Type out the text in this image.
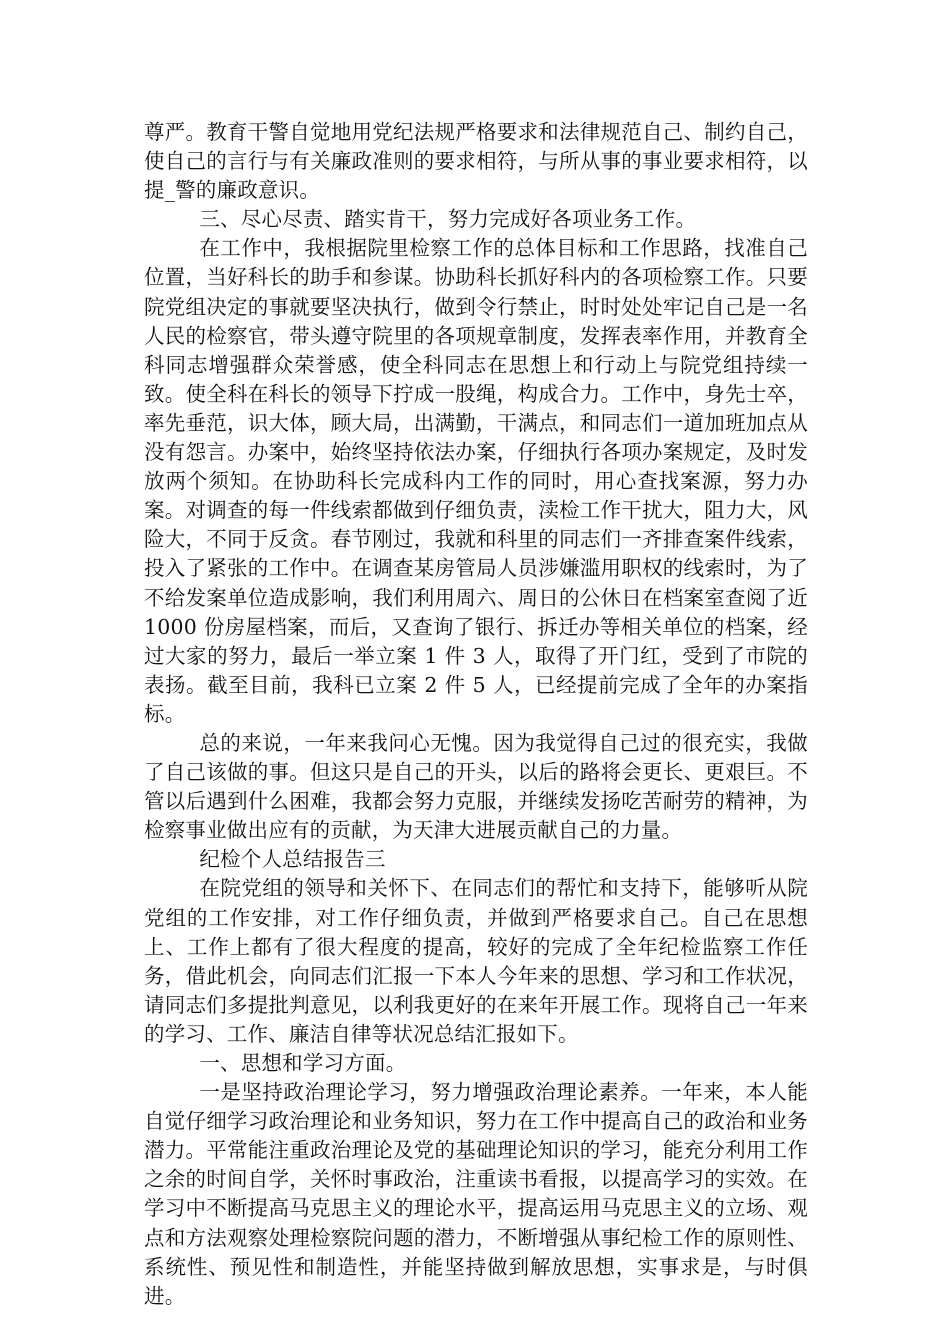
尊严。教育干警自觉地用党纪法规严格要求和法律规范自己、制约自己，使自己的言行与有关廉政准则的要求相符，与所从事的事业要求相符，以提_警的廉政意识。

三、尽心尽责、踏实肯干，努力完成好各项业务工作。

在工作中，我根据院里检察工作的总体目标和工作思路，找准自己位置，当好科长的助手和参谋。协助科长抓好科内的各项检察工作。只要院党组决定的事就要坚决执行，做到令行禁止，时时处处牢记自己是一名人民的检察官，带头遵守院里的各项规章制度，发挥表率作用，并教育全科同志增强群众荣誉感，使全科同志在思想上和行动上与院党组持续一致。使全科在科长的领导下拧成一股绳，构成合力。工作中，身先士卒，率先垂范，识大体，顾大局，出满勤，干满点，和同志们一道加班加点从没有怨言。办案中，始终坚持依法办案，仔细执行各项办案规定，及时发放两个须知。在协助科长完成科内工作的同时，用心查找案源，努力办案。对调查的每一件线索都做到仔细负责，渎检工作干扰大，阻力大，风险大，不同于反贪。春节刚过，我就和科里的同志们一齐排查案件线索，投入了紧张的工作中。在调查某房管局人员涉嫌滥用职权的线索时，为了不给发案单位造成影响，我们利用周六、周日的公休日在档案室查阅了近 1000 份房屋档案，而后，又查询了银行、拆迁办等相关单位的档案，经过大家的努力，最后一举立案 1 件 3 人，取得了开门红，受到了市院的表扬。截至目前，我科已立案 2 件 5 人，已经提前完成了全年的办案指标。

总的来说，一年来我问心无愧。因为我觉得自己过的很充实，我做了自己该做的事。但这只是自己的开头，以后的路将会更长、更艰巨。不管以后遇到什么困难，我都会努力克服，并继续发扬吃苦耐劳的精神，为检察事业做出应有的贡献，为天津大进展贡献自己的力量。

纪检个人总结报告三

在院党组的领导和关怀下、在同志们的帮忙和支持下，能够听从院党组的工作安排，对工作仔细负责，并做到严格要求自己。自己在思想上、工作上都有了很大程度的提高，较好的完成了全年纪检监察工作任务，借此机会，向同志们汇报一下本人今年来的思想、学习和工作状况，请同志们多提批判意见，以利我更好的在来年开展工作。现将自己一年来的学习、工作、廉洁自律等状况总结汇报如下。

一、思想和学习方面。

一是坚持政治理论学习，努力增强政治理论素养。一年来，本人能自觉仔细学习政治理论和业务知识，努力在工作中提高自己的政治和业务潜力。平常能注重政治理论及党的基础理论知识的学习，能充分利用工作之余的时间自学，关怀时事政治，注重读书看报，以提高学习的实效。在学习中不断提高马克思主义的理论水平，提高运用马克思主义的立场、观点和方法观察处理检察院问题的潜力，不断增强从事纪检工作的原则性、系统性、预见性和制造性，并能坚持做到解放思想，实事求是，与时俱进。
